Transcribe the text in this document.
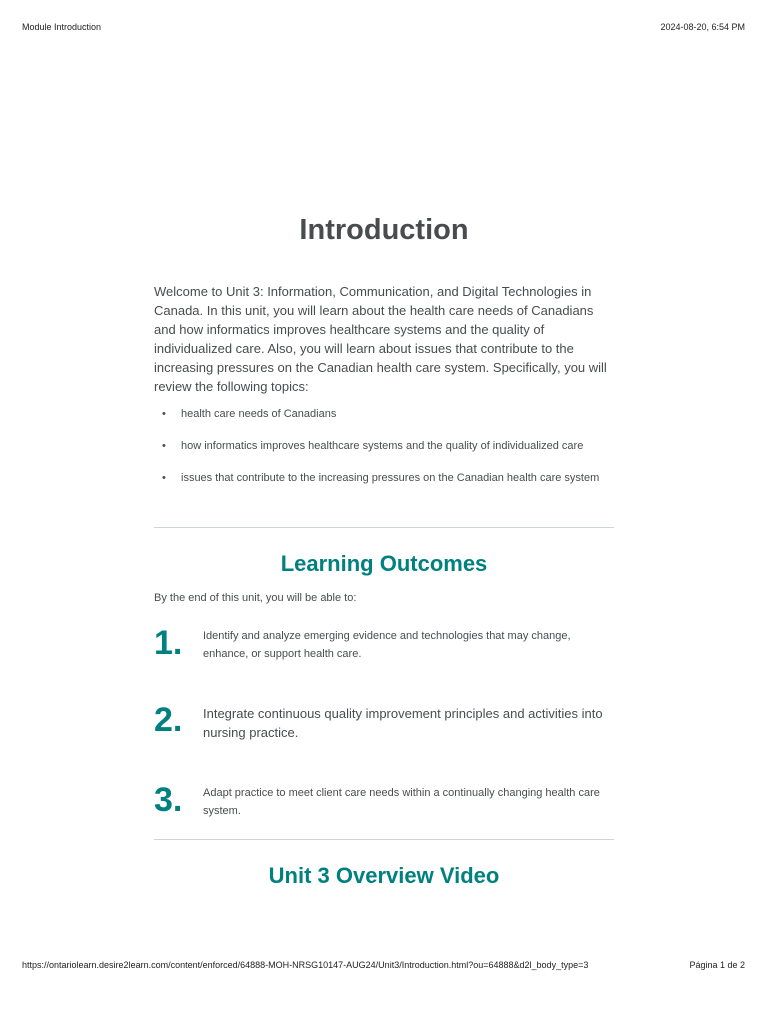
Module Introduction	2024-08-20, 6:54 PM
Introduction

Welcome to Unit 3: Information, Communication, and Digital Technologies in Canada. In this unit, you will learn about the health care needs of Canadians and how informatics improves healthcare systems and the quality of individualized care. Also, you will learn about issues that contribute to the increasing pressures on the Canadian health care system. Specifically, you will review the following topics:

• health care needs of Canadians
• how informatics improves healthcare systems and the quality of individualized care
• issues that contribute to the increasing pressures on the Canadian health care system
Learning Outcomes

By the end of this unit, you will be able to:

1.	Identify and analyze emerging evidence and technologies that may change, enhance, or support health care.
2.	Integrate continuous quality improvement principles and activities into nursing practice.
3.	Adapt practice to meet client care needs within a continually changing health care system.
Unit 3 Overview Video
https://ontariolearn.desire2learn.com/content/enforced/64888-MOH-NRSG10147-AUG24/Unit3/Introduction.html?ou=64888&d2l_body_type=3	Página 1 de 2
